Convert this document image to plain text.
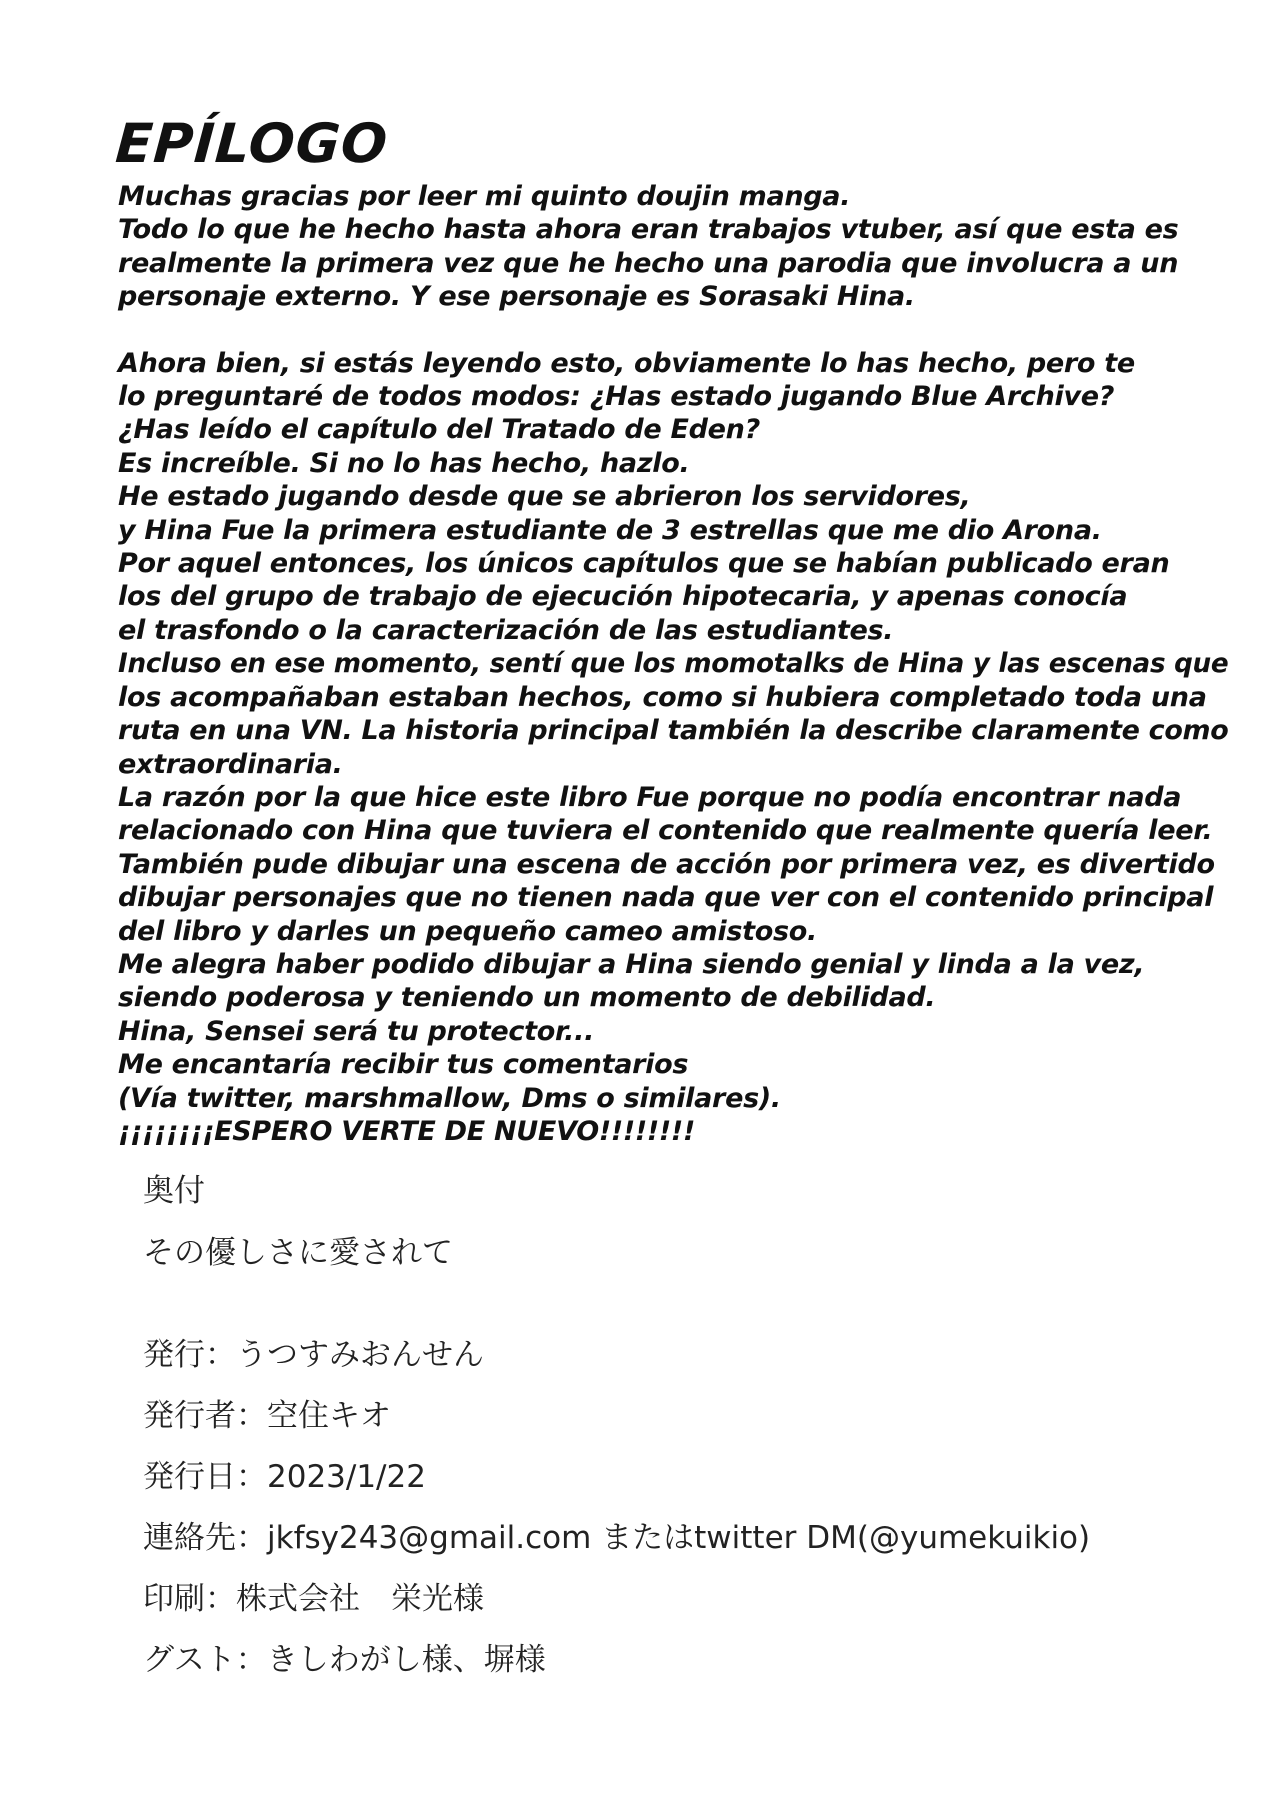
EPÍLOGO
Muchas gracias por leer mi quinto doujin manga.
Todo lo que he hecho hasta ahora eran trabajos vtuber, así que esta es
realmente la primera vez que he hecho una parodia que involucra a un
personaje externo. Y ese personaje es Sorasaki Hina.
Ahora bien, si estás leyendo esto, obviamente lo has hecho, pero te
lo preguntaré de todos modos: ¿Has estado jugando Blue Archive?
¿Has leído el capítulo del Tratado de Eden?
Es increíble. Si no lo has hecho, hazlo.
He estado jugando desde que se abrieron los servidores,
y Hina Fue la primera estudiante de 3 estrellas que me dio Arona.
Por aquel entonces, los únicos capítulos que se habían publicado eran
los del grupo de trabajo de ejecución hipotecaria, y apenas conocía
el trasfondo o la caracterización de las estudiantes.
Incluso en ese momento, sentí que los momotalks de Hina y las escenas que
los acompañaban estaban hechos, como si hubiera completado toda una
ruta en una VN. La historia principal también la describe claramente como
extraordinaria.
La razón por la que hice este libro Fue porque no podía encontrar nada
relacionado con Hina que tuviera el contenido que realmente quería leer.
También pude dibujar una escena de acción por primera vez, es divertido
dibujar personajes que no tienen nada que ver con el contenido principal
del libro y darles un pequeño cameo amistoso.
Me alegra haber podido dibujar a Hina siendo genial y linda a la vez,
siendo poderosa y teniendo un momento de debilidad.
Hina, Sensei será tu protector...
Me encantaría recibir tus comentarios
(Vía twitter, marshmallow, Dms o similares).
¡¡¡¡¡¡¡¡ESPERO VERTE DE NUEVO!!!!!!!!
奥付
その優しさに愛されて
発行：うつすみおんせん
発行者：空住キオ
発行日：2023/1/22
連絡先：jkfsy243@gmail.com またはtwitter DM(@yumekuikio)
印刷：株式会社　栄光様
グスト：きしわがし様、塀様
